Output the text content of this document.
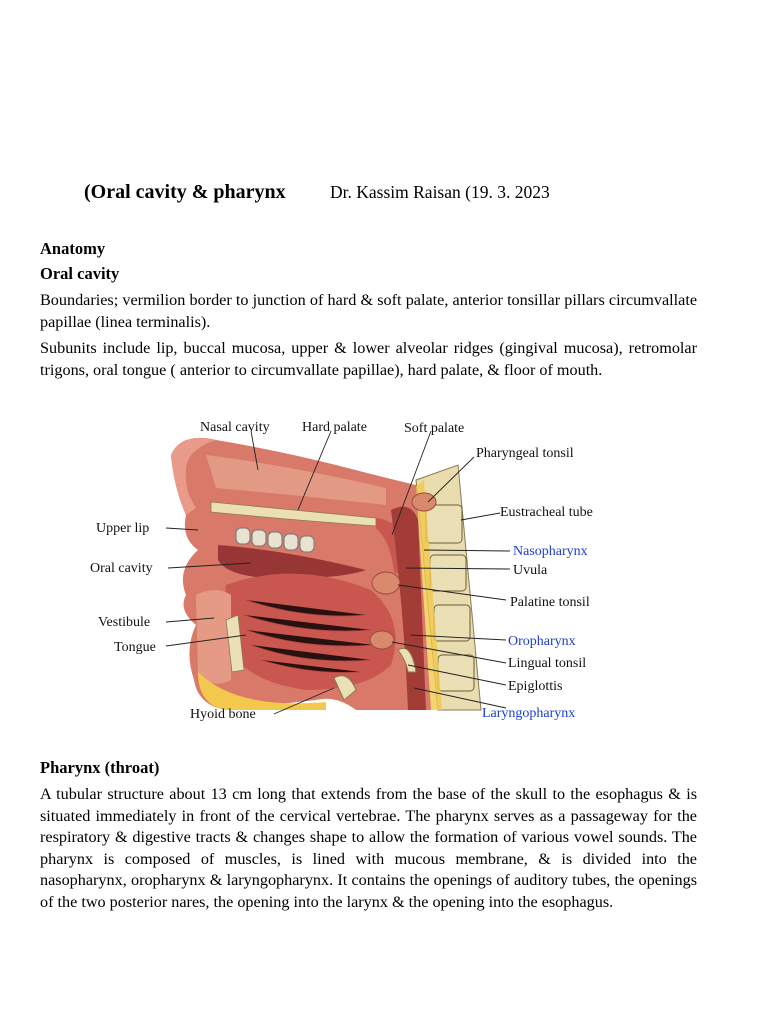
(Oral cavity & pharynx	Dr. Kassim Raisan (19. 3. 2023
Anatomy
Oral cavity
Boundaries; vermilion border to junction of hard & soft palate, anterior tonsillar pillars circumvallate papillae (linea terminalis).
Subunits include lip, buccal mucosa, upper & lower alveolar ridges (gingival mucosa), retromolar trigons, oral tongue ( anterior to circumvallate papillae), hard palate, & floor of mouth.
Nasal cavity Hard palate	Soft palate
Pharyngeal tonsil
Eustracheal tube
Nasopharynx
Uvula
Palatine tonsil
Oropharynx
Lingual tonsil
Epiglottis
Laryngopharynx
Upper lip
Oral cavity
Vestibule
Tongue
Hyoid bone
Pharynx (throat)
A tubular structure about 13 cm long that extends from the base of the skull to the esophagus & is situated immediately in front of the cervical vertebrae. The pharynx serves as a passageway for the respiratory & digestive tracts & changes shape to allow the formation of various vowel sounds. The pharynx is composed of muscles, is lined with mucous membrane, & is divided into the nasopharynx, oropharynx & laryngopharynx. It contains the openings of auditory tubes, the openings of the two posterior nares, the opening into the larynx & the opening into the esophagus.
